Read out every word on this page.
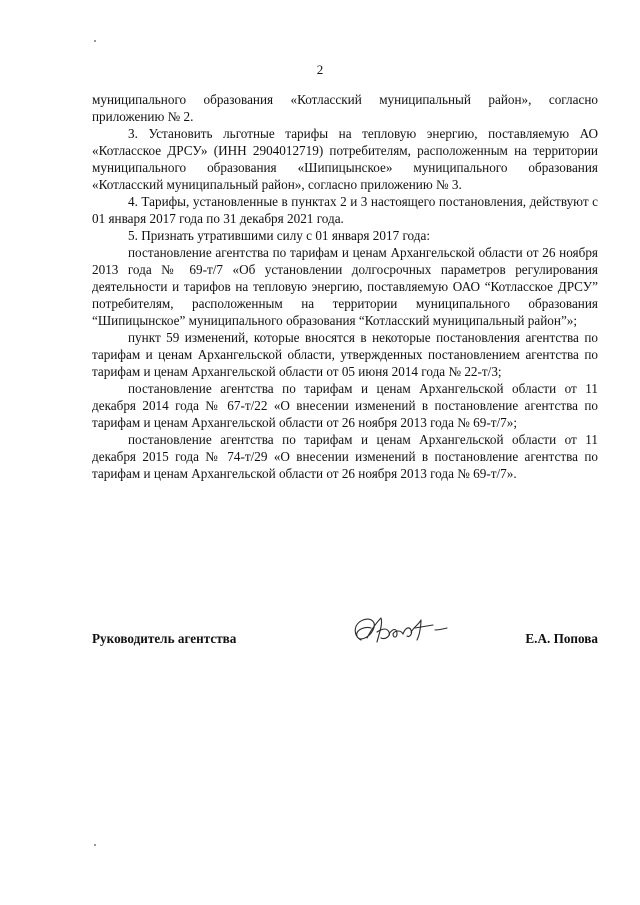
2

муниципального образования «Котласский муниципальный район», согласно приложению № 2.

3. Установить льготные тарифы на тепловую энергию, поставляемую АО «Котласское ДРСУ» (ИНН 2904012719) потребителям, расположенным на территории муниципального образования «Шипицынское» муниципального образования «Котласский муниципальный район», согласно приложению № 3.

4. Тарифы, установленные в пунктах 2 и 3 настоящего постановления, действуют с 01 января 2017 года по 31 декабря 2021 года.

5. Признать утратившими силу с 01 января 2017 года:

постановление агентства по тарифам и ценам Архангельской области от 26 ноября 2013 года № 69-т/7 «Об установлении долгосрочных параметров регулирования деятельности и тарифов на тепловую энергию, поставляемую ОАО “Котласское ДРСУ” потребителям, расположенным на территории муниципального образования “Шипицынское” муниципального образования “Котласский муниципальный район”»;

пункт 59 изменений, которые вносятся в некоторые постановления агентства по тарифам и ценам Архангельской области, утвержденных постановлением агентства по тарифам и ценам Архангельской области от 05 июня 2014 года № 22-т/3;

постановление агентства по тарифам и ценам Архангельской области от 11 декабря 2014 года № 67-т/22 «О внесении изменений в постановление агентства по тарифам и ценам Архангельской области от 26 ноября 2013 года № 69-т/7»;

постановление агентства по тарифам и ценам Архангельской области от 11 декабря 2015 года № 74-т/29 «О внесении изменений в постановление агентства по тарифам и ценам Архангельской области от 26 ноября 2013 года № 69-т/7».

Руководитель агентства	Е.А. Попова
